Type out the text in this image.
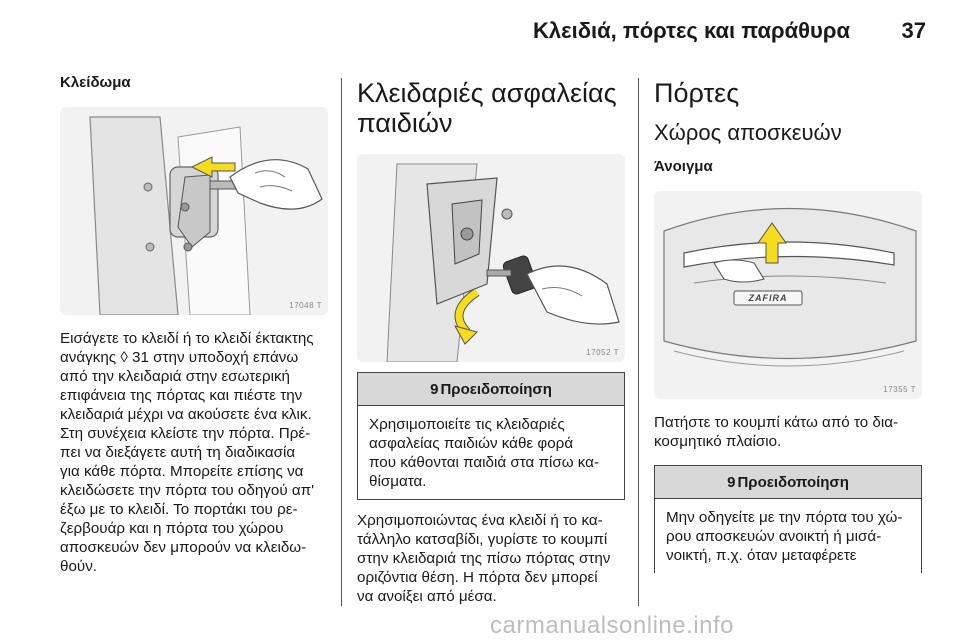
Κλειδιά, πόρτες και παράθυρα 37
Κλείδωμα
17048 T
Εισάγετε το κλειδί ή το κλειδί έκτακτης
ανάγκης ◊ 31 στην υποδοχή επάνω
από την κλειδαριά στην εσωτερική
επιφάνεια της πόρτας και πιέστε την
κλειδαριά μέχρι να ακούσετε ένα κλικ.
Στη συνέχεια κλείστε την πόρτα. Πρέ-
πει να διεξάγετε αυτή τη διαδικασία
για κάθε πόρτα. Μπορείτε επίσης να
κλειδώσετε την πόρτα του οδηγού απ'
έξω με το κλειδί. Το πορτάκι του ρε-
ζερβουάρ και η πόρτα του χώρου
αποσκευών δεν μπορούν να κλειδω-
θούν.
Κλειδαριές ασφαλείας
παιδιών
17052 T
9 Προειδοποίηση
Χρησιμοποιείτε τις κλειδαριές
ασφαλείας παιδιών κάθε φορά
που κάθονται παιδιά στα πίσω κα-
θίσματα.
Χρησιμοποιώντας ένα κλειδί ή το κα-
τάλληλο κατσαβίδι, γυρίστε το κουμπί
στην κλειδαριά της πίσω πόρτας στην
οριζόντια θέση. Η πόρτα δεν μπορεί
να ανοίξει από μέσα.
Πόρτες
Χώρος αποσκευών
Άνοιγμα
ZAFIRA
17355 T
Πατήστε το κουμπί κάτω από το δια-
κοσμητικό πλαίσιο.
9 Προειδοποίηση
Μην οδηγείτε με την πόρτα του χώ-
ρου αποσκευών ανοικτή ή μισά-
νοικτή, π.χ. όταν μεταφέρετε
carmanualsonline.info
